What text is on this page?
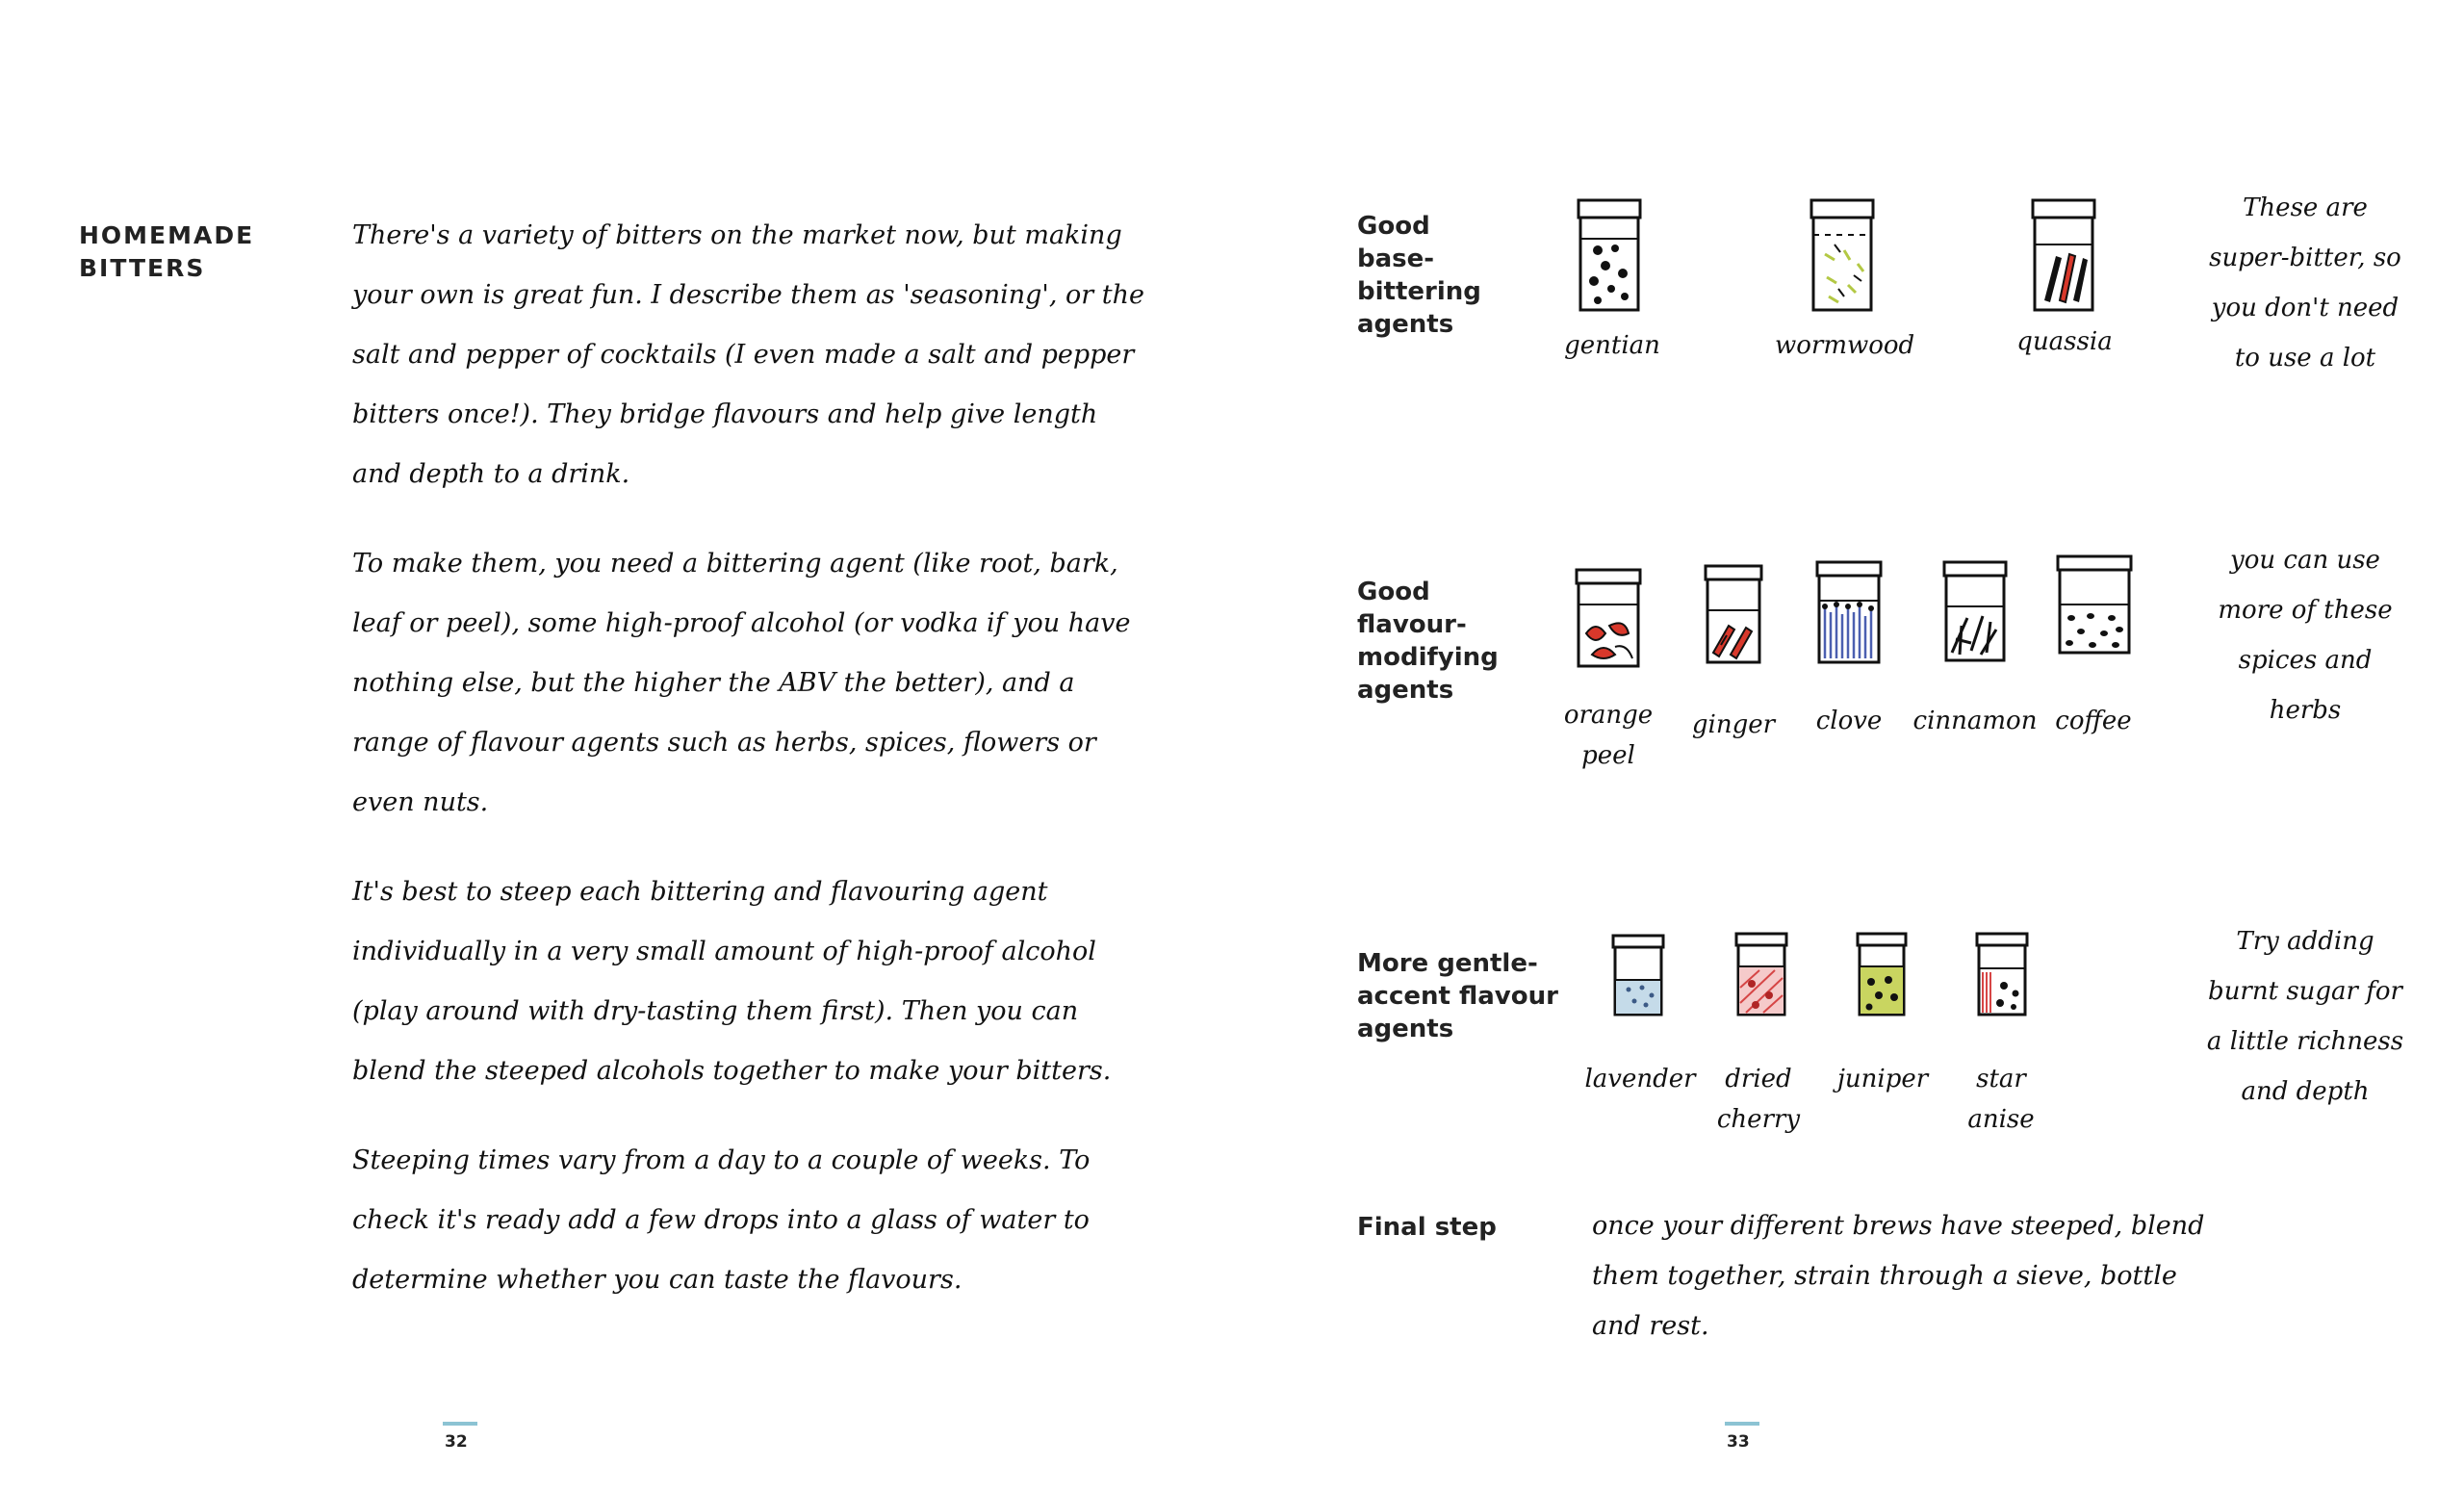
HOMEMADE
BITTERS

There's a variety of bitters on the market now, but making your own is great fun. I describe them as 'seasoning', or the salt and pepper of cocktails (I even made a salt and pepper bitters once!). They bridge flavours and help give length and depth to a drink.

To make them, you need a bittering agent (like root, bark, leaf or peel), some high-proof alcohol (or vodka if you have nothing else, but the higher the ABV the better), and a range of flavour agents such as herbs, spices, flowers or even nuts.

It's best to steep each bittering and flavouring agent individually in a very small amount of high-proof alcohol (play around with dry-tasting them first). Then you can blend the steeped alcohols together to make your bitters.

Steeping times vary from a day to a couple of weeks. To check it's ready add a few drops into a glass of water to determine whether you can taste the flavours.

32
Good
base-
bittering
agents
gentian	wormwood	quassia
These are
super-bitter, so
you don't need
to use a lot
Good
flavour-
modifying
agents
orange
peel
ginger	clove	cinnamon coffee
you can use
more of these
spices and
herbs
More gentle-
accent flavour
agents
lavender	dried
cherry
juniper	star
anise
Try adding
burnt sugar for
a little richness
and depth
Final step	once your different brews have steeped, blend
them together, strain through a sieve, bottle
and rest.
33
